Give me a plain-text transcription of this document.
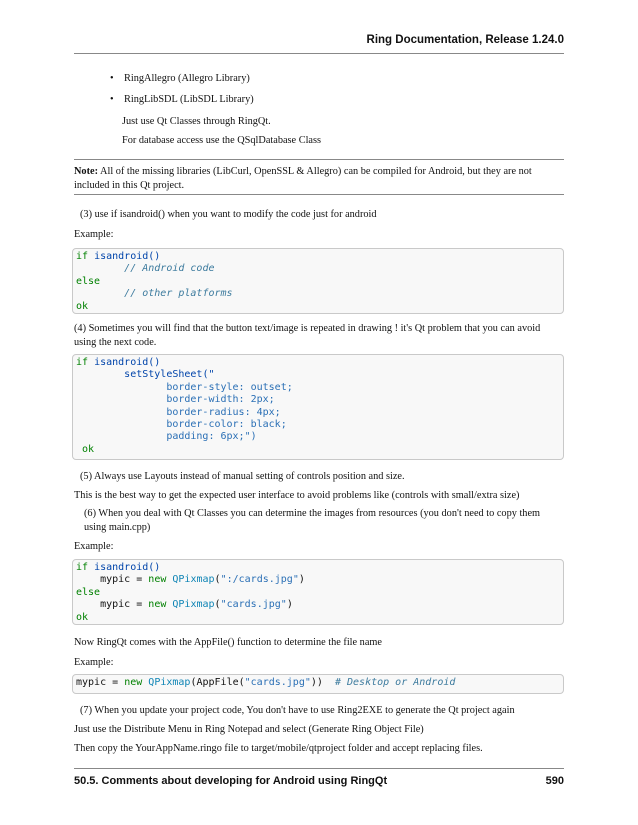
Ring Documentation, Release 1.24.0
• RingAllegro (Allegro Library)
• RingLibSDL (LibSDL Library)
Just use Qt Classes through RingQt.
For database access use the QSqlDatabase Class
Note: All of the missing libraries (LibCurl, OpenSSL & Allegro) can be compiled for Android, but they are not included in this Qt project.
(3) use if isandroid() when you want to modify the code just for android
Example:
if isandroid()
// Android code
else
// other platforms
ok
(4) Sometimes you will find that the button text/image is repeated in drawing ! it's Qt problem that you can avoid using the next code.
if isandroid()
setStyleSheet("
border-style: outset;
border-width: 2px;
border-radius: 4px;
border-color: black;
padding: 6px;")
ok
(5) Always use Layouts instead of manual setting of controls position and size.
This is the best way to get the expected user interface to avoid problems like (controls with small/extra size)
(6) When you deal with Qt Classes you can determine the images from resources (you don't need to copy them using main.cpp)
Example:
if isandroid()
mypic = new QPixmap(":/cards.jpg")
else
mypic = new QPixmap("cards.jpg")
ok
Now RingQt comes with the AppFile() function to determine the file name
Example:
mypic = new QPixmap(AppFile("cards.jpg")) # Desktop or Android
(7) When you update your project code, You don't have to use Ring2EXE to generate the Qt project again
Just use the Distribute Menu in Ring Notepad and select (Generate Ring Object File)
Then copy the YourAppName.ringo file to target/mobile/qtproject folder and accept replacing files.
50.5. Comments about developing for Android using RingQt	590
